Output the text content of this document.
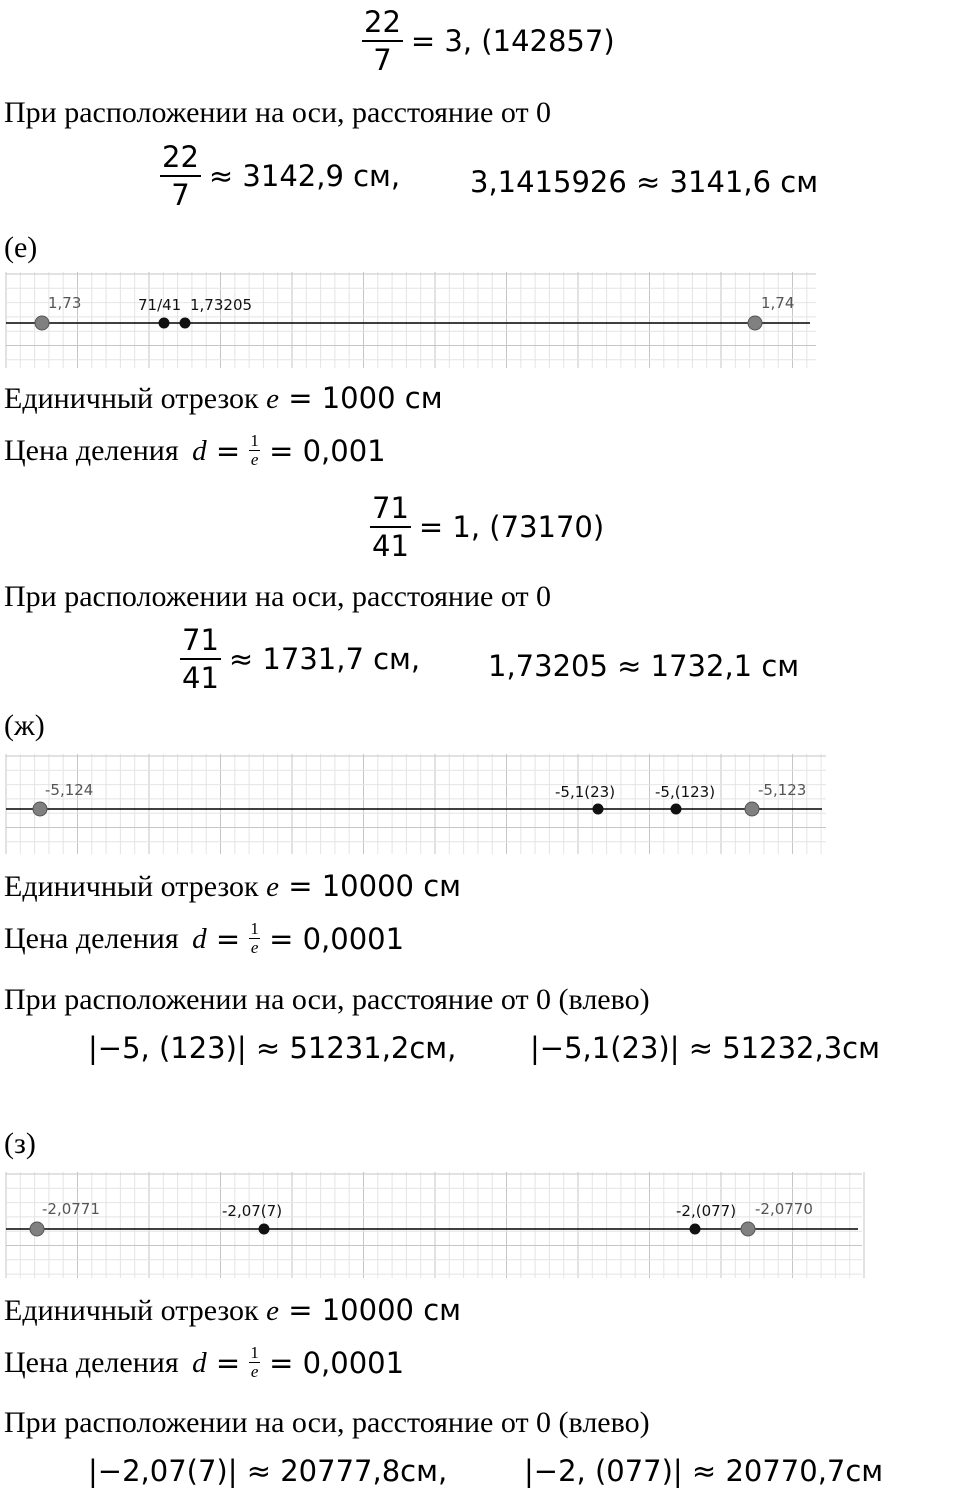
$\frac{22}{7} = 3$, (142857)
При расположении на оси, расстояние от 0
$\frac{22}{7} \approx 3142,9$ см, 3,1415926 ≈ 3141,6 см
(е)
1,73	71/41 1,73205	1,74
Единичный отрезок e = 1000 см
Цена деления $d = \frac{1}{e} = 0,001$
$\frac{71}{41} = 1$, (73170)
При расположении на оси, расстояние от 0
$\frac{71}{41} \approx 1731,7$ см, 1,73205 ≈ 1732,1 см
(ж)
-5,124	-5,1(23)	-5,(123)	-5,123
Единичный отрезок e = 10000 см
Цена деления $d = \frac{1}{e} = 0,0001$
При расположении на оси, расстояние от 0 (влево)
|−5, (123)| ≈ 51231,2см,	|−5,1(23)| ≈ 51232,3см
(з)
-2,0771	-2,07(7)	-2,(077) -2,0770
Единичный отрезок e = 10000 см
Цена деления $d = \frac{1}{e} = 0,0001$
При расположении на оси, расстояние от 0 (влево)
|−2,07(7)| ≈ 20777,8см,	|−2, (077)| ≈ 20770,7см
